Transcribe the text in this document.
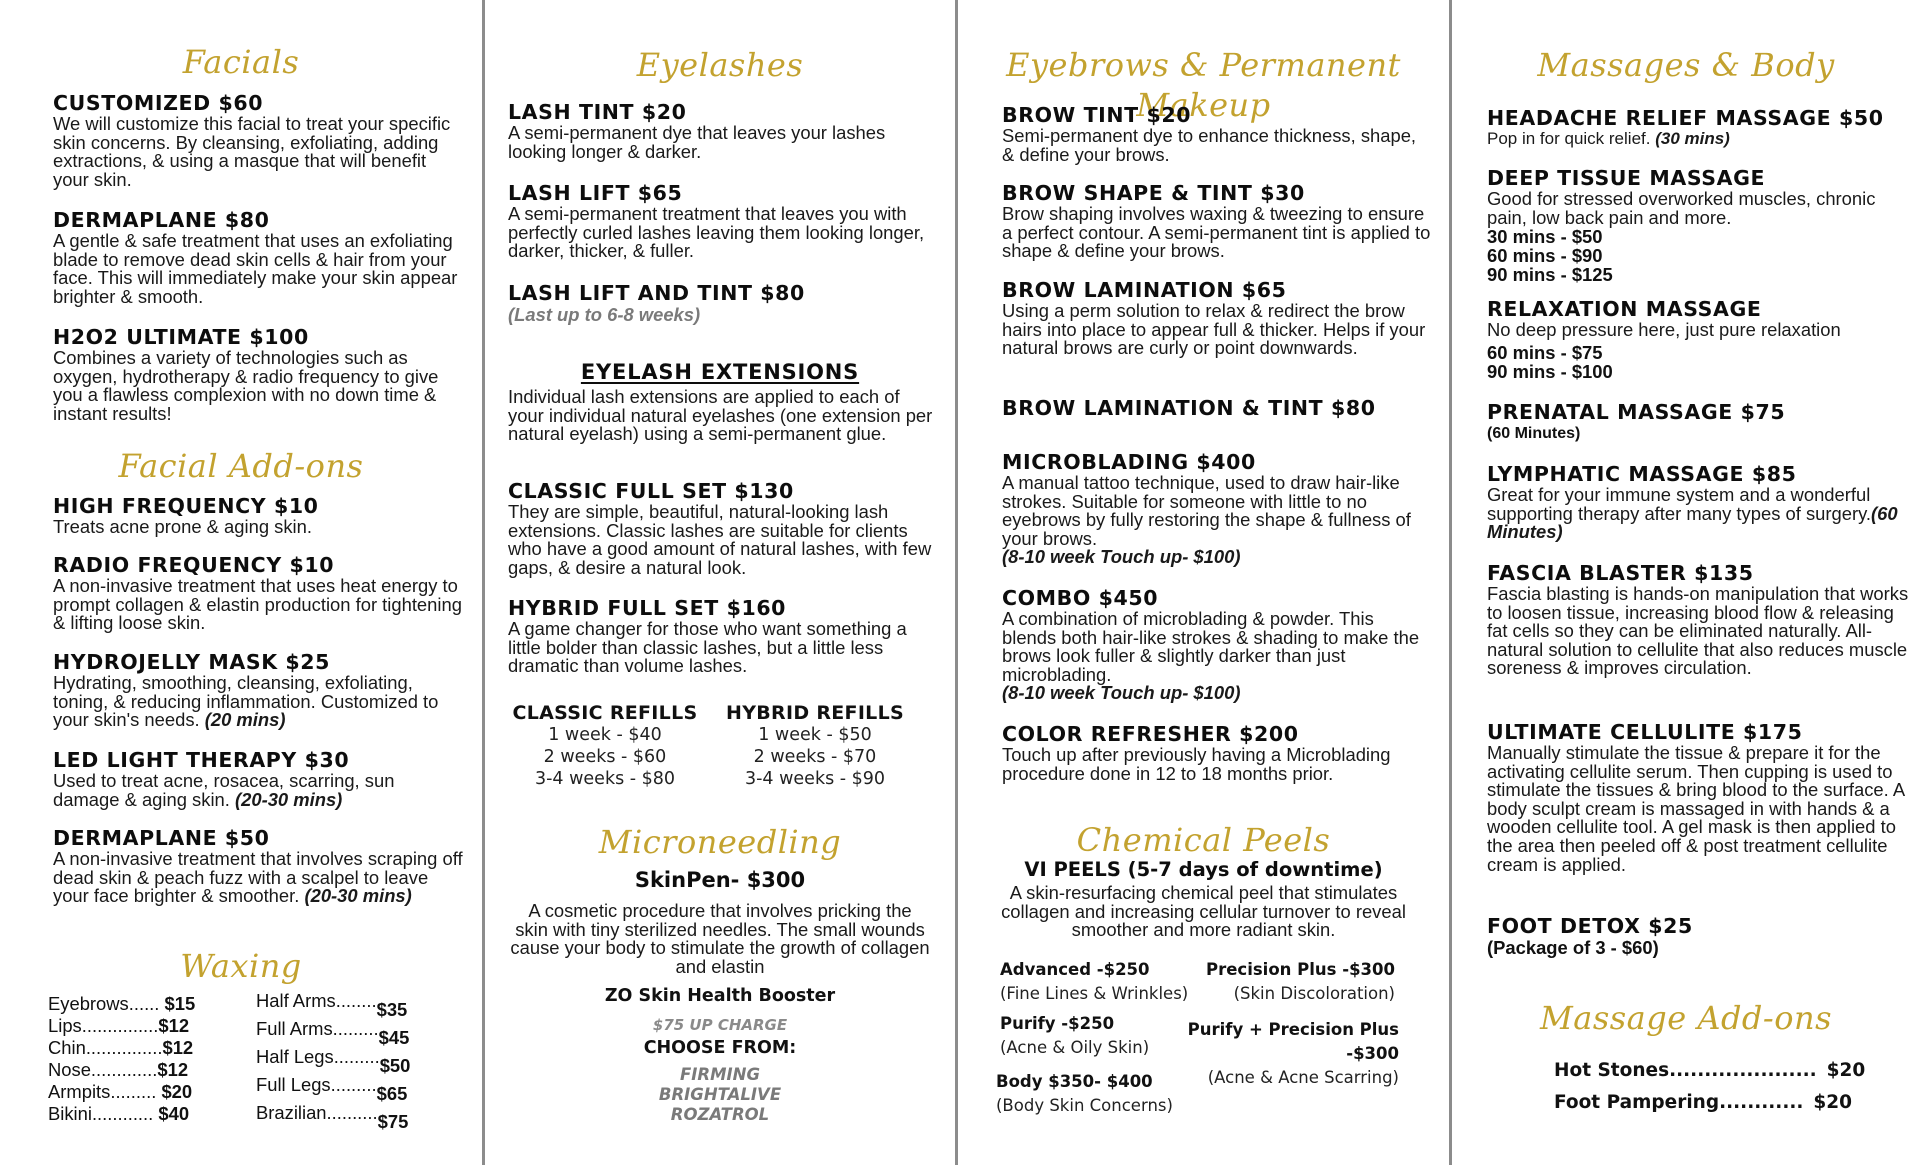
Facials
CUSTOMIZED $60
We will customize this facial to treat your specific skin concerns. By cleansing, exfoliating, adding extractions, & using a masque that will benefit your skin.
DERMAPLANE $80
A gentle & safe treatment that uses an exfoliating blade to remove dead skin cells & hair from your face. This will immediately make your skin appear brighter & smooth.
H2O2 ULTIMATE $100
Combines a variety of technologies such as oxygen, hydrotherapy & radio frequency to give you a flawless complexion with no down time & instant results!
Facial Add-ons
HIGH FREQUENCY $10
Treats acne prone & aging skin.
RADIO FREQUENCY $10
A non-invasive treatment that uses heat energy to prompt collagen & elastin production for tightening & lifting loose skin.
HYDROJELLY MASK $25
Hydrating, smoothing, cleansing, exfoliating, toning, & reducing inflammation. Customized to your skin's needs. (20 mins)
LED LIGHT THERAPY $30
Used to treat acne, rosacea, scarring, sun damage & aging skin. (20-30 mins)
DERMAPLANE $50
A non-invasive treatment that involves scraping off dead skin & peach fuzz with a scalpel to leave your face brighter & smoother. (20-30 mins)
Waxing
Eyebrows...... $15
Lips...............$12
Chin...............$12
Nose.............$12
Armpits......... $20
Bikini............ $40
Half Arms........$35
Full Arms.........$45
Half Legs.........$50
Full Legs.........$65
Brazilian..........$75
Eyelashes
LASH TINT $20
A semi-permanent dye that leaves your lashes looking longer & darker.
LASH LIFT $65
A semi-permanent treatment that leaves you with perfectly curled lashes leaving them looking longer, darker, thicker, & fuller.
LASH LIFT AND TINT $80
(Last up to 6-8 weeks)
EYELASH EXTENSIONS
Individual lash extensions are applied to each of your individual natural eyelashes (one extension per natural eyelash) using a semi-permanent glue.
CLASSIC FULL SET $130
They are simple, beautiful, natural-looking lash extensions. Classic lashes are suitable for clients who have a good amount of natural lashes, with few gaps, & desire a natural look.
HYBRID FULL SET $160
A game changer for those who want something a little bolder than classic lashes, but a little less dramatic than volume lashes.
CLASSIC REFILLS
1 week - $40
2 weeks - $60
3-4 weeks - $80
HYBRID REFILLS
1 week - $50
2 weeks - $70
3-4 weeks - $90
Microneedling
SkinPen- $300
A cosmetic procedure that involves pricking the skin with tiny sterilized needles. The small wounds cause your body to stimulate the growth of collagen and elastin
ZO Skin Health Booster
$75 UP CHARGE
CHOOSE FROM:
FIRMING
BRIGHTALIVE
ROZATROL
Eyebrows & Permanent Makeup
BROW TINT $20
Semi-permanent dye to enhance thickness, shape, & define your brows.
BROW SHAPE & TINT $30
Brow shaping involves waxing & tweezing to ensure a perfect contour. A semi-permanent tint is applied to shape & define your brows.
BROW LAMINATION $65
Using a perm solution to relax & redirect the brow hairs into place to appear full & thicker. Helps if your natural brows are curly or point downwards.
BROW LAMINATION & TINT $80
MICROBLADING $400
A manual tattoo technique, used to draw hair-like strokes. Suitable for someone with little to no eyebrows by fully restoring the shape & fullness of your brows.
(8-10 week Touch up- $100)
COMBO $450
A combination of microblading & powder. This blends both hair-like strokes & shading to make the brows look fuller & slightly darker than just microblading.
(8-10 week Touch up- $100)
COLOR REFRESHER $200
Touch up after previously having a Microblading procedure done in 12 to 18 months prior.
Chemical Peels
VI PEELS (5-7 days of downtime)
A skin-resurfacing chemical peel that stimulates collagen and increasing cellular turnover to reveal smoother and more radiant skin.
Advanced -$250
(Fine Lines & Wrinkles)
Purify -$250
(Acne & Oily Skin)
Body $350- $400
(Body Skin Concerns)
Precision Plus -$300
(Skin Discoloration)
Purify + Precision Plus
-$300
(Acne & Acne Scarring)
Massages & Body
HEADACHE RELIEF MASSAGE $50
Pop in for quick relief. (30 mins)
DEEP TISSUE MASSAGE
Good for stressed overworked muscles, chronic pain, low back pain and more.
30 mins - $50
60 mins - $90
90 mins - $125
RELAXATION MASSAGE
No deep pressure here, just pure relaxation
60 mins - $75
90 mins - $100
PRENATAL MASSAGE $75
(60 Minutes)
LYMPHATIC MASSAGE $85
Great for your immune system and a wonderful supporting therapy after many types of surgery.(60 Minutes)
FASCIA BLASTER $135
Fascia blasting is hands-on manipulation that works to loosen tissue, increasing blood flow & releasing fat cells so they can be eliminated naturally. All-natural solution to cellulite that also reduces muscle soreness & improves circulation.
ULTIMATE CELLULITE $175
Manually stimulate the tissue & prepare it for the activating cellulite serum. Then cupping is used to stimulate the tissues & bring blood to the surface. A body sculpt cream is massaged in with hands & a wooden cellulite tool. A gel mask is then applied to the area then peeled off & post treatment cellulite cream is applied.
FOOT DETOX $25
(Package of 3 - $60)
Massage Add-ons
Hot Stones..................... $20
Foot Pampering............ $20
